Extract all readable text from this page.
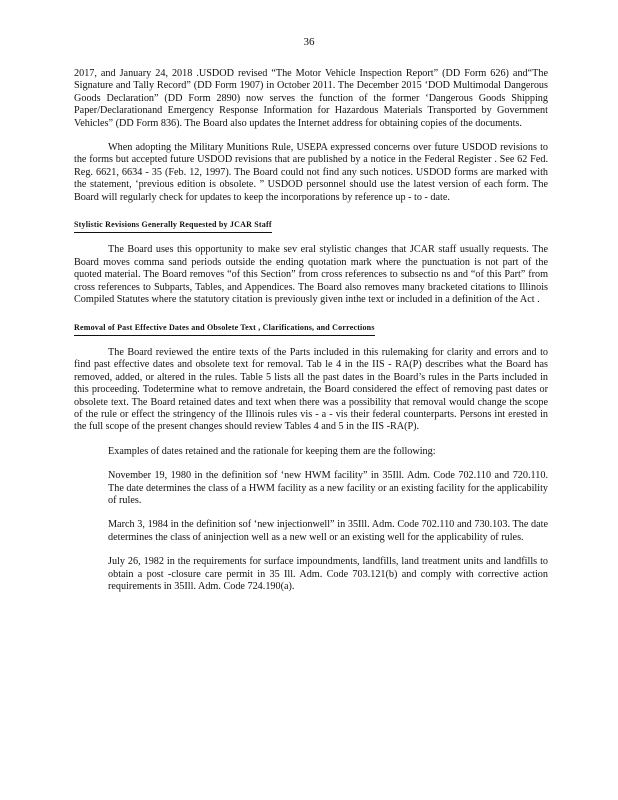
36

2017, and January 24, 2018 .USDOD revised “The Motor Vehicle Inspection Report” (DD Form 626) and“The Signature and Tally Record” (DD Form 1907) in October 2011. The December 2015 ‘DOD Multimodal Dangerous Goods Declaration” (DD Form 2890) now serves the function of the former ‘Dangerous Goods Shipping Paper/Declarationand Emergency Response Information for Hazardous Materials Transported by Government Vehicles” (DD Form 836). The Board also updates the Internet address for obtaining copies of the documents.

When adopting the Military Munitions Rule, USEPA expressed concerns over future USDOD revisions to the forms but accepted future USDOD revisions that are published by a notice in the Federal Register . See 62 Fed. Reg. 6621, 6634 - 35 (Feb. 12, 1997). The Board could not find any such notices. USDOD forms are marked with the statement, ‘previous edition is obsolete. ” USDOD personnel should use the latest version of each form. The Board will regularly check for updates to keep the incorporations by reference up - to - date.

Stylistic Revisions Generally Requested by JCAR Staff

The Board uses this opportunity to make sev eral stylistic changes that JCAR staff usually requests. The Board moves comma sand periods outside the ending quotation mark where the punctuation is not part of the quoted material. The Board removes “of this Section” from cross references to subsectio ns and “of this Part” from cross references to Subparts, Tables, and Appendices. The Board also removes many bracketed citations to Illinois Compiled Statutes where the statutory citation is previously given inthe text or included in a definition of the Act .

Removal of Past Effective Dates and Obsolete Text , Clarifications, and Corrections

The Board reviewed the entire texts of the Parts included in this rulemaking for clarity and errors and to find past effective dates and obsolete text for removal. Tab le 4 in the IIS - RA(P) describes what the Board has removed, added, or altered in the rules. Table 5 lists all the past dates in the Board’s rules in the Parts included in this proceeding. Todetermine what to remove andretain, the Board considered the effect of removing past dates or obsolete text. The Board retained dates and text when there was a possibility that removal would change the scope of the rule or effect the stringency of the Illinois rules vis - a - vis their federal counterparts. Persons int erested in the full scope of the present changes should review Tables 4 and 5 in the IIS -RA(P).

Examples of dates retained and the rationale for keeping them are the following:

November 19, 1980 in the definition sof ‘new HWM facility” in 35Ill. Adm. Code 702.110 and 720.110. The date determines the class of a HWM facility as a new facility or an existing facility for the applicability of rules.

March 3, 1984 in the definition sof ‘new injectionwell” in 35Ill. Adm. Code 702.110 and 730.103. The date determines the class of aninjection well as a new well or an existing well for the applicability of rules.

July 26, 1982 in the requirements for surface impoundments, landfills, land treatment units and landfills to obtain a post -closure care permit in 35 Ill. Adm. Code 703.121(b) and comply with corrective action requirements in 35Ill. Adm. Code 724.190(a).
